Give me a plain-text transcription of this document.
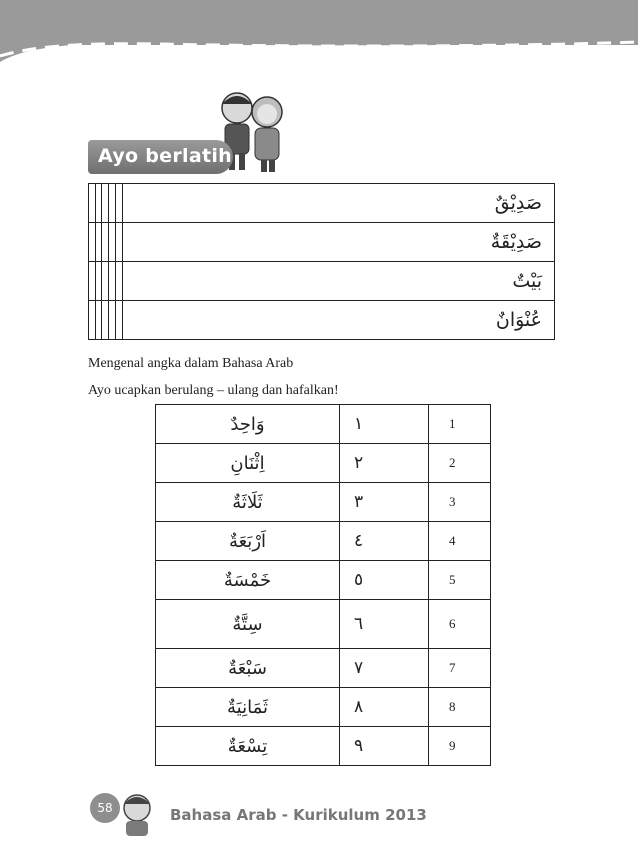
Ayo berlatih
					صَدِيْقٌ
					صَدِيْقَةٌ
					بَيْتٌ
					عُنْوَانٌ
Mengenal angka dalam Bahasa Arab
Ayo ucapkan berulang – ulang dan hafalkan!
وَاحِدٌ	١	1
اِثْنَانِ	٢	2
ثَلَاثَةٌ	٣	3
اَرْبَعَةٌ	٤	4
خَمْسَةٌ	٥	5
سِتَّةٌ	٦	6
سَبْعَةٌ	٧	7
ثَمَانِيَةٌ	٨	8
تِسْعَةٌ	٩	9
58	Bahasa Arab - Kurikulum 2013
